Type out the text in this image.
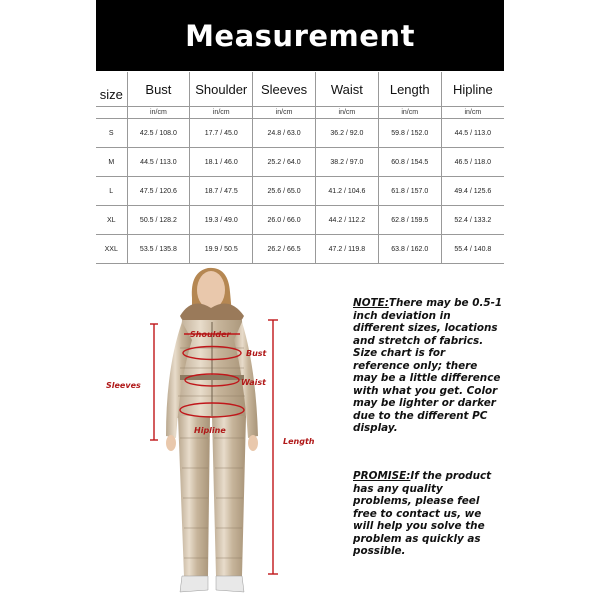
Measurement
size	Bust	Shoulder	Sleeves	Waist	Length	Hipline
	in/cm	in/cm	in/cm	in/cm	in/cm	in/cm
S	42.5 / 108.0	17.7 / 45.0	24.8 / 63.0	36.2 / 92.0	59.8 / 152.0	44.5 / 113.0
M	44.5 / 113.0	18.1 / 46.0	25.2 / 64.0	38.2 / 97.0	60.8 / 154.5	46.5 / 118.0
L	47.5 / 120.6	18.7 / 47.5	25.6 / 65.0	41.2 / 104.6	61.8 / 157.0	49.4 / 125.6
XL	50.5 / 128.2	19.3 / 49.0	26.0 / 66.0	44.2 / 112.2	62.8 / 159.5	52.4 / 133.2
XXL	53.5 / 135.8	19.9 / 50.5	26.2 / 66.5	47.2 / 119.8	63.8 / 162.0	55.4 / 140.8
Shoulder
Bust
Waist
Hipline
Sleeves
Length
NOTE:There may be 0.5-1 inch deviation in different sizes, locations and stretch of fabrics. Size chart is for reference only; there may be a little difference with what you get. Color may be lighter or darker due to the different PC display.
PROMISE:If the product has any quality problems, please feel free to contact us, we will help you solve the problem as quickly as possible.
